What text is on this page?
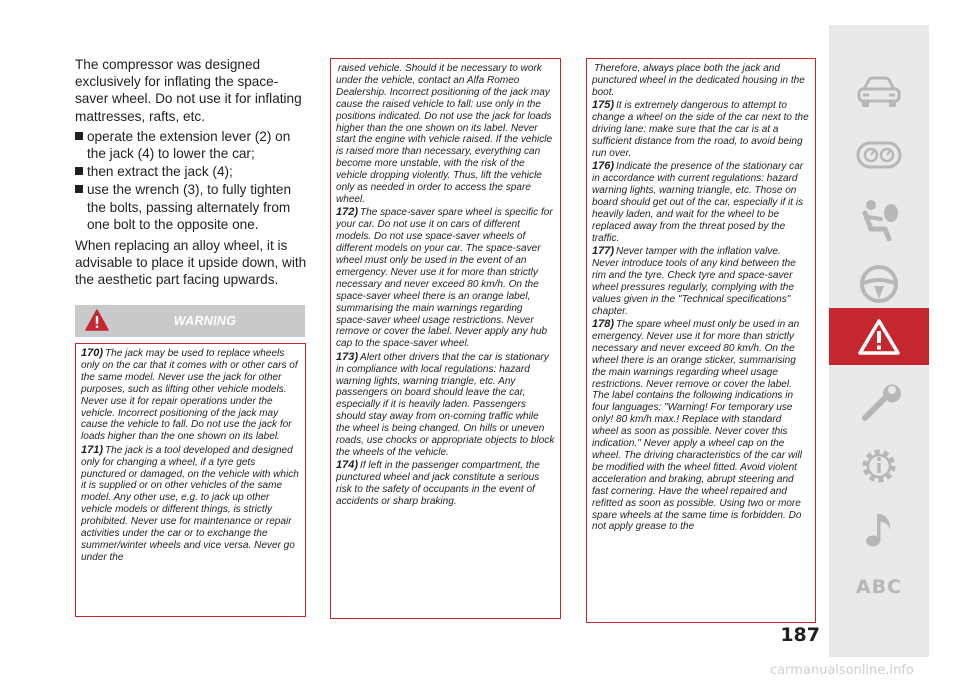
The compressor was designed exclusively for inflating the space-saver wheel. Do not use it for inflating mattresses, rafts, etc.

operate the extension lever (2) on the jack (4) to lower the car;
then extract the jack (4);
use the wrench (3), to fully tighten the bolts, passing alternately from one bolt to the opposite one.

When replacing an alloy wheel, it is advisable to place it upside down, with the aesthetic part facing upwards.

WARNING

170) The jack may be used to replace wheels only on the car that it comes with or other cars of the same model. Never use the jack for other purposes, such as lifting other vehicle models. Never use it for repair operations under the vehicle. Incorrect positioning of the jack may cause the vehicle to fall. Do not use the jack for loads higher than the one shown on its label.

171) The jack is a tool developed and designed only for changing a wheel, if a tyre gets punctured or damaged, on the vehicle with which it is supplied or on other vehicles of the same model. Any other use, e.g. to jack up other vehicle models or different things, is strictly prohibited. Never use for maintenance or repair activities under the car or to exchange the summer/winter wheels and vice versa. Never go under the

raised vehicle. Should it be necessary to work under the vehicle, contact an Alfa Romeo Dealership. Incorrect positioning of the jack may cause the raised vehicle to fall: use only in the positions indicated. Do not use the jack for loads higher than the one shown on its label. Never start the engine with vehicle raised. If the vehicle is raised more than necessary, everything can become more unstable, with the risk of the vehicle dropping violently. Thus, lift the vehicle only as needed in order to access the spare wheel.

172) The space-saver spare wheel is specific for your car. Do not use it on cars of different models. Do not use space-saver wheels of different models on your car. The space-saver wheel must only be used in the event of an emergency. Never use it for more than strictly necessary and never exceed 80 km/h. On the space-saver wheel there is an orange label, summarising the main warnings regarding space-saver wheel usage restrictions. Never remove or cover the label. Never apply any hub cap to the space-saver wheel.

173) Alert other drivers that the car is stationary in compliance with local regulations: hazard warning lights, warning triangle, etc. Any passengers on board should leave the car, especially if it is heavily laden. Passengers should stay away from on-coming traffic while the wheel is being changed. On hills or uneven roads, use chocks or appropriate objects to block the wheels of the vehicle.

174) If left in the passenger compartment, the punctured wheel and jack constitute a serious risk to the safety of occupants in the event of accidents or sharp braking.

Therefore, always place both the jack and punctured wheel in the dedicated housing in the boot.

175) It is extremely dangerous to attempt to change a wheel on the side of the car next to the driving lane: make sure that the car is at a sufficient distance from the road, to avoid being run over.

176) Indicate the presence of the stationary car in accordance with current regulations: hazard warning lights, warning triangle, etc. Those on board should get out of the car, especially if it is heavily laden, and wait for the wheel to be replaced away from the threat posed by the traffic.

177) Never tamper with the inflation valve. Never introduce tools of any kind between the rim and the tyre. Check tyre and space-saver wheel pressures regularly, complying with the values given in the "Technical specifications" chapter.

178) The spare wheel must only be used in an emergency. Never use it for more than strictly necessary and never exceed 80 km/h. On the wheel there is an orange sticker, summarising the main warnings regarding wheel usage restrictions. Never remove or cover the label. The label contains the following indications in four languages: "Warning! For temporary use only! 80 km/h max.! Replace with standard wheel as soon as possible. Never cover this indication." Never apply a wheel cap on the wheel. The driving characteristics of the car will be modified with the wheel fitted. Avoid violent acceleration and braking, abrupt steering and fast cornering. Have the wheel repaired and refitted as soon as possible. Using two or more spare wheels at the same time is forbidden. Do not apply grease to the

ABC
187
carmanualsonline.info
